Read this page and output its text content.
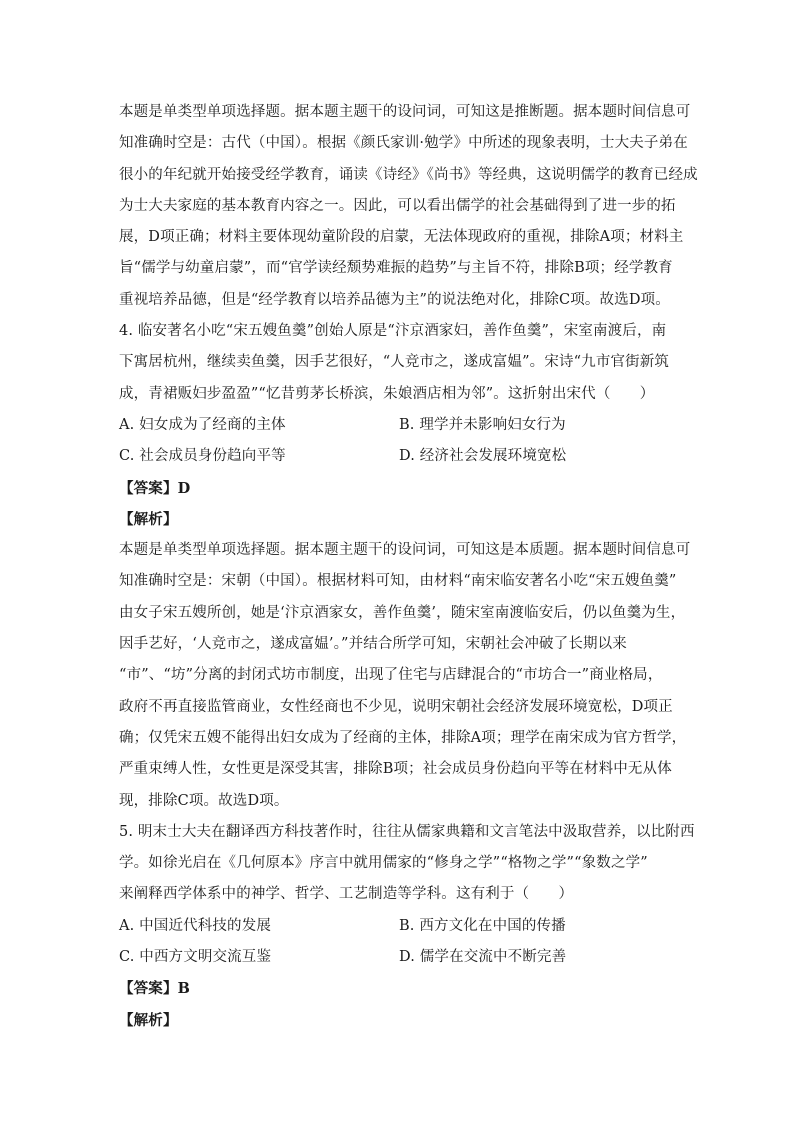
本题是单类型单项选择题。据本题主题干的设问词，可知这是推断题。据本题时间信息可
知准确时空是：古代（中国）。根据《颜氏家训·勉学》中所述的现象表明，士大夫子弟在
很小的年纪就开始接受经学教育，诵读《诗经》《尚书》等经典，这说明儒学的教育已经成
为士大夫家庭的基本教育内容之一。因此，可以看出儒学的社会基础得到了进一步的拓
展，D项正确；材料主要体现幼童阶段的启蒙，无法体现政府的重视，排除A项；材料主
旨“儒学与幼童启蒙”，而“官学读经颓势难振的趋势”与主旨不符，排除B项；经学教育
重视培养品德，但是“经学教育以培养品德为主”的说法绝对化，排除C项。故选D项。
4. 临安著名小吃“宋五嫂鱼羹”创始人原是“汴京酒家妇，善作鱼羹”，宋室南渡后，南
下寓居杭州，继续卖鱼羹，因手艺很好，“人竞市之，遂成富媪”。宋诗“九市官街新筑
成，青裙贩妇步盈盈”“忆昔剪茅长桥滨，朱娘酒店相为邻”。这折射出宋代（　　）
A. 妇女成为了经商的主体	B. 理学并未影响妇女行为
C. 社会成员身份趋向平等	D. 经济社会发展环境宽松
【答案】D
【解析】
本题是单类型单项选择题。据本题主题干的设问词，可知这是本质题。据本题时间信息可
知准确时空是：宋朝（中国）。根据材料可知，由材料“南宋临安著名小吃“宋五嫂鱼羹”
由女子宋五嫂所创，她是‘汴京酒家女，善作鱼羹’，随宋室南渡临安后，仍以鱼羹为生，
因手艺好，‘人竞市之，遂成富媪’。”并结合所学可知，宋朝社会冲破了长期以来
“市”、“坊”分离的封闭式坊市制度，出现了住宅与店肆混合的“市坊合一”商业格局，
政府不再直接监管商业，女性经商也不少见，说明宋朝社会经济发展环境宽松，D项正
确；仅凭宋五嫂不能得出妇女成为了经商的主体，排除A项；理学在南宋成为官方哲学，
严重束缚人性，女性更是深受其害，排除B项；社会成员身份趋向平等在材料中无从体
现，排除C项。故选D项。
5. 明末士大夫在翻译西方科技著作时，往往从儒家典籍和文言笔法中汲取营养，以比附西
学。如徐光启在《几何原本》序言中就用儒家的“修身之学”“格物之学”“象数之学”
来阐释西学体系中的神学、哲学、工艺制造等学科。这有利于（　　）
A. 中国近代科技的发展	B. 西方文化在中国的传播
C. 中西方文明交流互鉴	D. 儒学在交流中不断完善
【答案】B
【解析】
